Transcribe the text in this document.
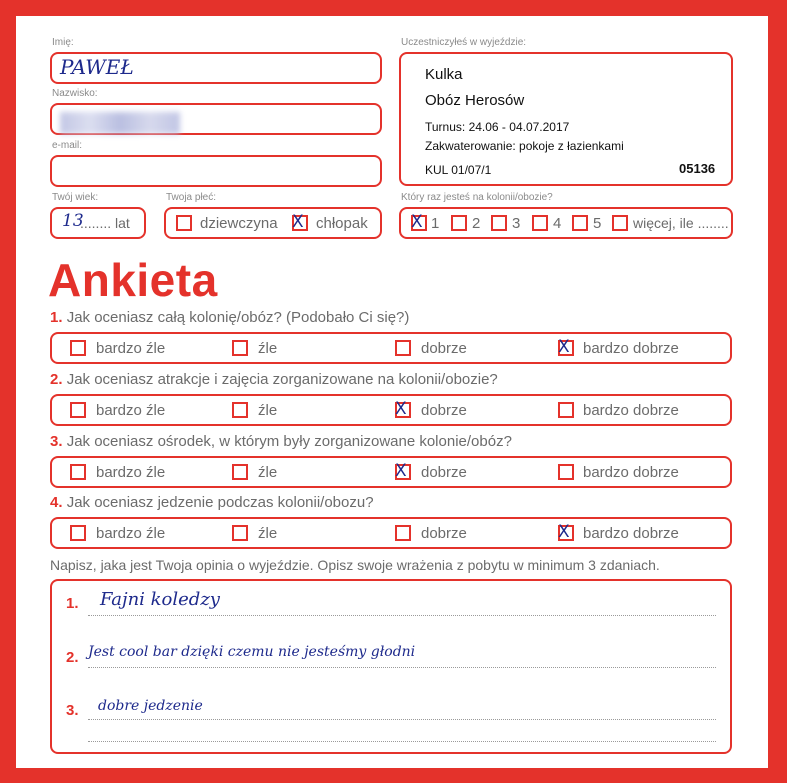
Imię:
PAWEŁ
Nazwisko:
e-mail:
Twój wiek:
13
........ lat
Twoja płeć:
dziewczyna X chłopak
Uczestniczyłeś w wyjeździe:
Kulka
Obóz Herosów
Turnus: 24.06 - 04.07.2017
Zakwaterowanie: pokoje z łazienkami
KUL 01/07/1	05136
Który raz jesteś na kolonii/obozie?
X 1 2 3 4 5 więcej, ile ........
Ankieta
1. Jak oceniasz całą kolonię/obóz? (Podobało Ci się?)
bardzo źle	źle	dobrze	X bardzo dobrze
2. Jak oceniasz atrakcje i zajęcia zorganizowane na kolonii/obozie?
bardzo źle	źle	X dobrze	bardzo dobrze
3. Jak oceniasz ośrodek, w którym były zorganizowane kolonie/obóz?
bardzo źle	źle	X dobrze	bardzo dobrze
4. Jak oceniasz jedzenie podczas kolonii/obozu?
bardzo źle	źle	dobrze	X bardzo dobrze
Napisz, jaka jest Twoja opinia o wyjeździe. Opisz swoje wrażenia z pobytu w minimum 3 zdaniach.
1. Fajni koledzy
2. Jest cool bar dzięki czemu nie jesteśmy głodni
3. dobre jedzenie
